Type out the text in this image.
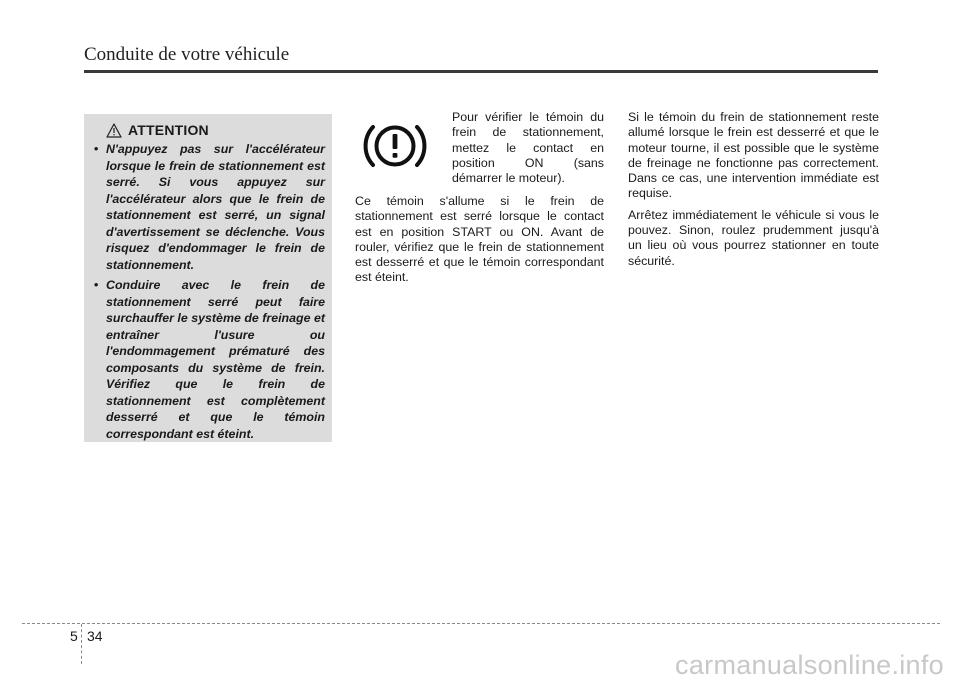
Conduite de votre véhicule
ATTENTION
• N'appuyez pas sur l'accélérateur lorsque le frein de stationnement est serré. Si vous appuyez sur l'accélérateur alors que le frein de stationnement est serré, un signal d'avertissement se déclenche. Vous risquez d'endommager le frein de stationnement.
• Conduire avec le frein de stationnement serré peut faire surchauffer le système de freinage et entraîner l'usure ou l'endommagement prématuré des composants du système de frein. Vérifiez que le frein de stationnement est complètement desserré et que le témoin correspondant est éteint.
Pour vérifier le témoin du frein de stationnement, mettez le contact en position ON (sans démarrer le moteur).

Ce témoin s'allume si le frein de stationnement est serré lorsque le contact est en position START ou ON. Avant de rouler, vérifiez que le frein de stationnement est desserré et que le témoin correspondant est éteint.

Si le témoin du frein de stationnement reste allumé lorsque le frein est desserré et que le moteur tourne, il est possible que le système de freinage ne fonctionne pas correctement. Dans ce cas, une intervention immédiate est requise.

Arrêtez immédiatement le véhicule si vous le pouvez. Sinon, roulez prudemment jusqu'à un lieu où vous pourrez stationner en toute sécurité.

5 34
carmanualsonline.info
